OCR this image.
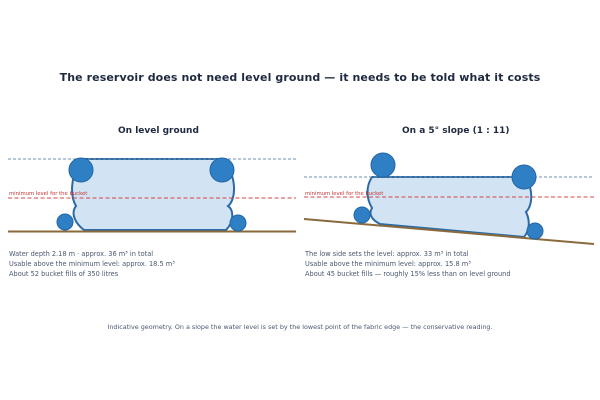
The reservoir does not need level ground — it needs to be told what it costs
On level ground	On a 5° slope (1 : 11)
minimum level for the bucket	minimum level for the bucket
Water depth 2.18 m · approx. 36 m³ in total
Usable above the minimum level: approx. 18.5 m³
About 52 bucket fills of 350 litres
The low side sets the level: approx. 33 m³ in total
Usable above the minimum level: approx. 15.8 m³
About 45 bucket fills — roughly 15% less than on level ground
Indicative geometry. On a slope the water level is set by the lowest point of the fabric edge — the conservative reading.
